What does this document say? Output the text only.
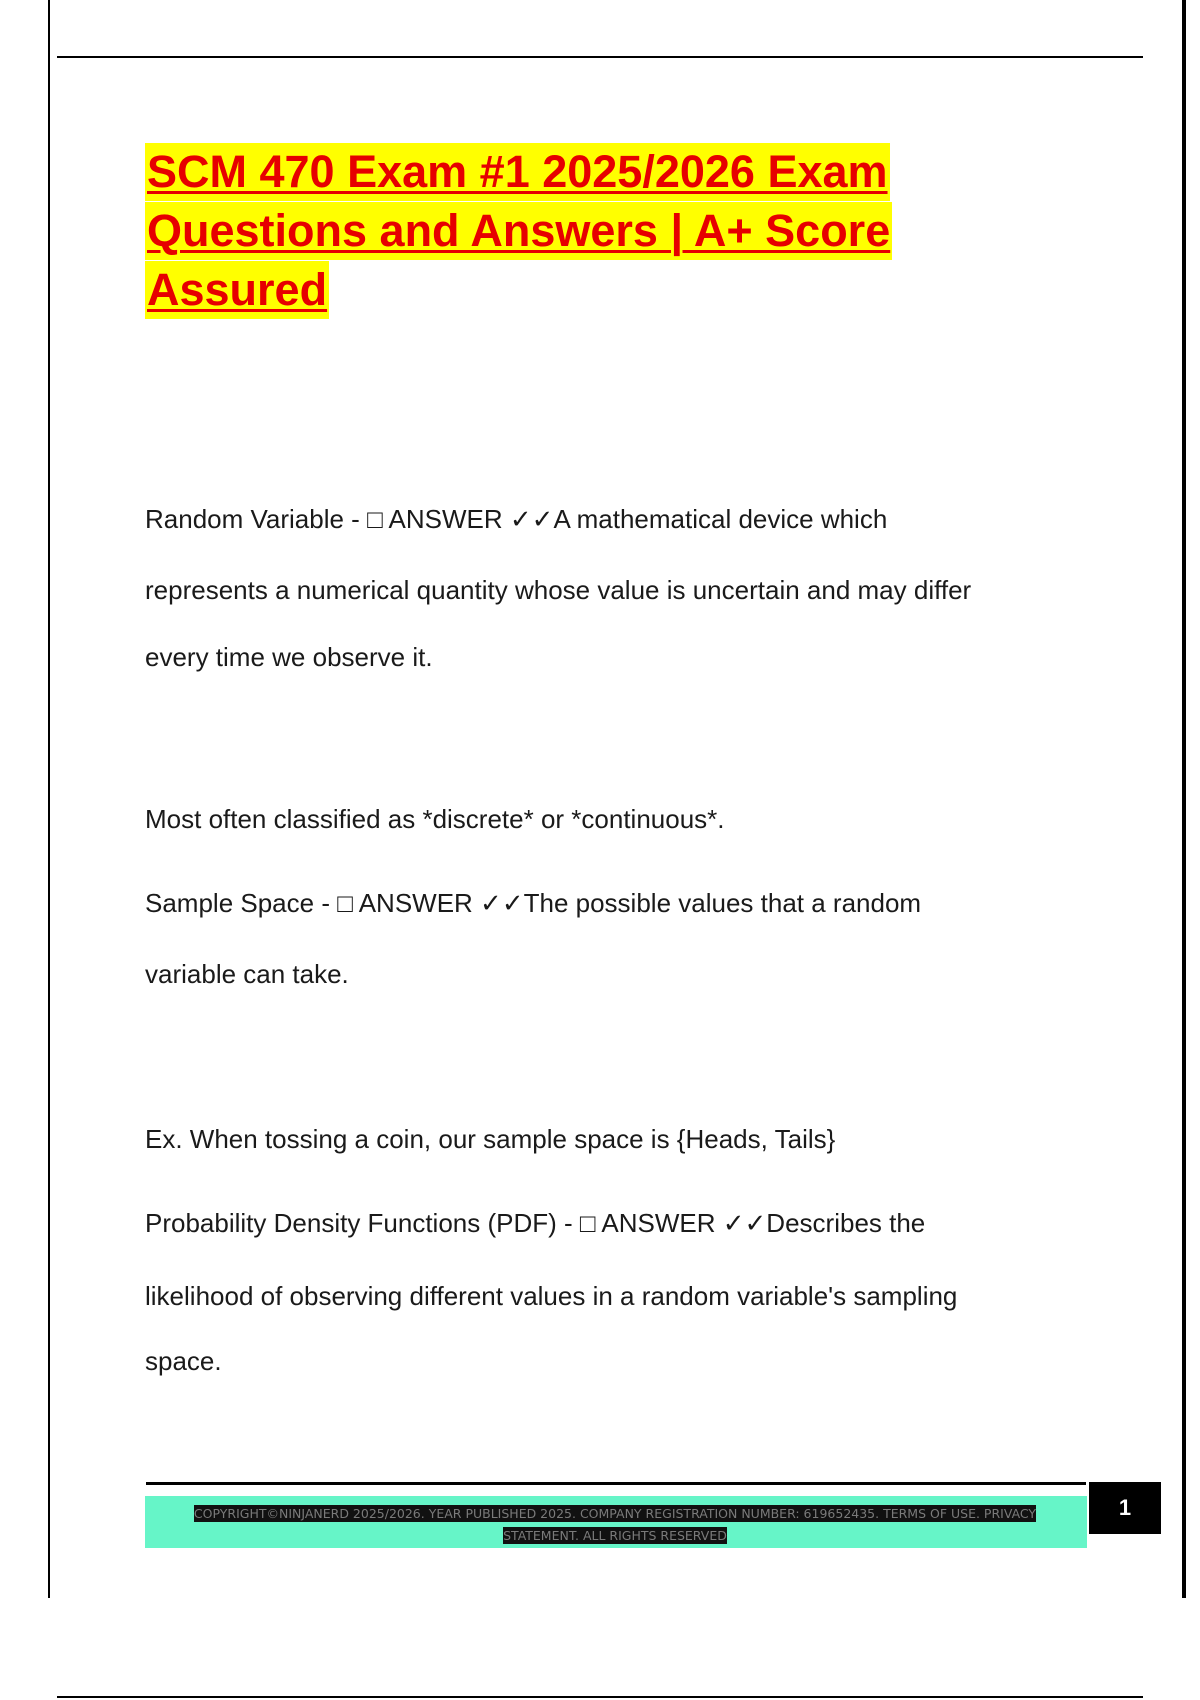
SCM 470 Exam #1 2025/2026 Exam
Questions and Answers | A+ Score
Assured
Random Variable - □ ANSWER ✓✓A mathematical device which
represents a numerical quantity whose value is uncertain and may differ
every time we observe it.
Most often classified as *discrete* or *continuous*.
Sample Space - □ ANSWER ✓✓The possible values that a random
variable can take.
Ex. When tossing a coin, our sample space is {Heads, Tails}
Probability Density Functions (PDF) - □ ANSWER ✓✓Describes the
likelihood of observing different values in a random variable's sampling
space.
COPYRIGHT©NINJANERD 2025/2026. YEAR PUBLISHED 2025. COMPANY REGISTRATION NUMBER: 619652435. TERMS OF USE. PRIVACY
STATEMENT. ALL RIGHTS RESERVED
1
